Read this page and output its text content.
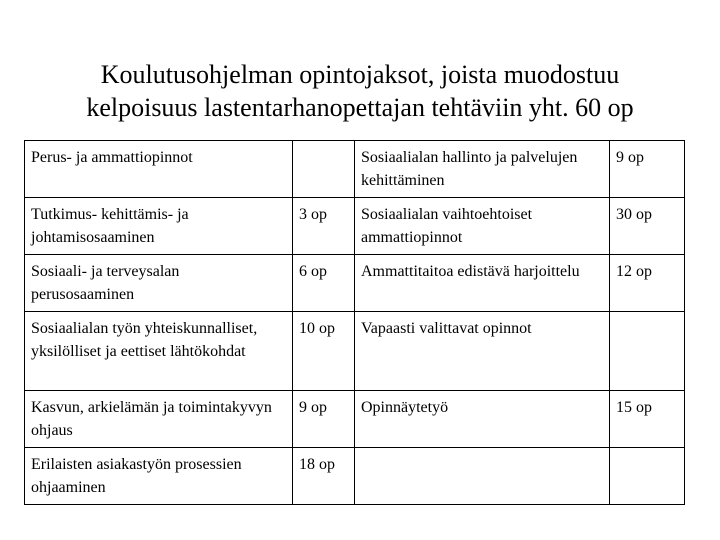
Koulutusohjelman opintojaksot, joista muodostuu
kelpoisuus lastentarhanopettajan tehtäviin yht. 60 op
Perus- ja ammattiopinnot		Sosiaalialan hallinto ja palvelujen kehittäminen	9 op
Tutkimus- kehittämis- ja johtamisosaaminen	3 op	Sosiaalialan vaihtoehtoiset ammattiopinnot	30 op
Sosiaali- ja terveysalan perusosaaminen	6 op	Ammattitaitoa edistävä harjoittelu	12 op
Sosiaalialan työn yhteiskunnalliset, yksilölliset ja eettiset lähtökohdat	10 op	Vapaasti valittavat opinnot	
Kasvun, arkielämän ja toimintakyvyn ohjaus	9 op	Opinnäytetyö	15 op
Erilaisten asiakastyön prosessien ohjaaminen	18 op		
